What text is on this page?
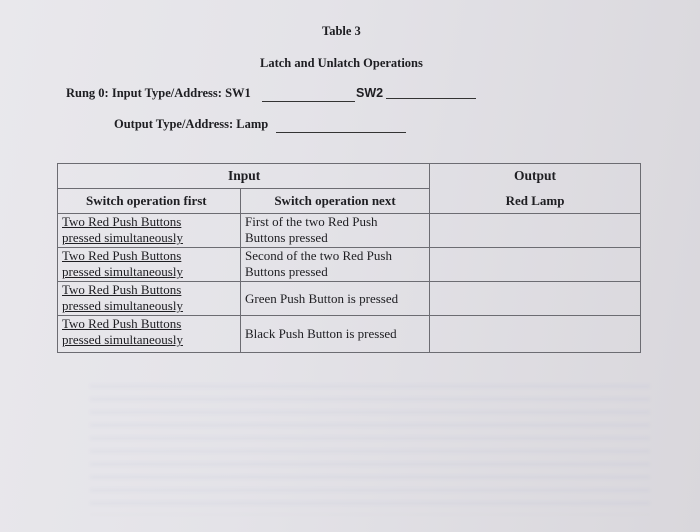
Table 3
Latch and Unlatch Operations
Rung 0: Input Type/Address: SW1	SW2
Output Type/Address: Lamp
Input		Output
Switch operation first	Switch operation next	Red Lamp
Two Red Push Buttons
pressed simultaneously	First of the two Red Push
Buttons pressed	
Two Red Push Buttons
pressed simultaneously	Second of the two Red Push
Buttons pressed	
Two Red Push Buttons
pressed simultaneously	Green Push Button is pressed	
Two Red Push Buttons
pressed simultaneously	Black Push Button is pressed	
